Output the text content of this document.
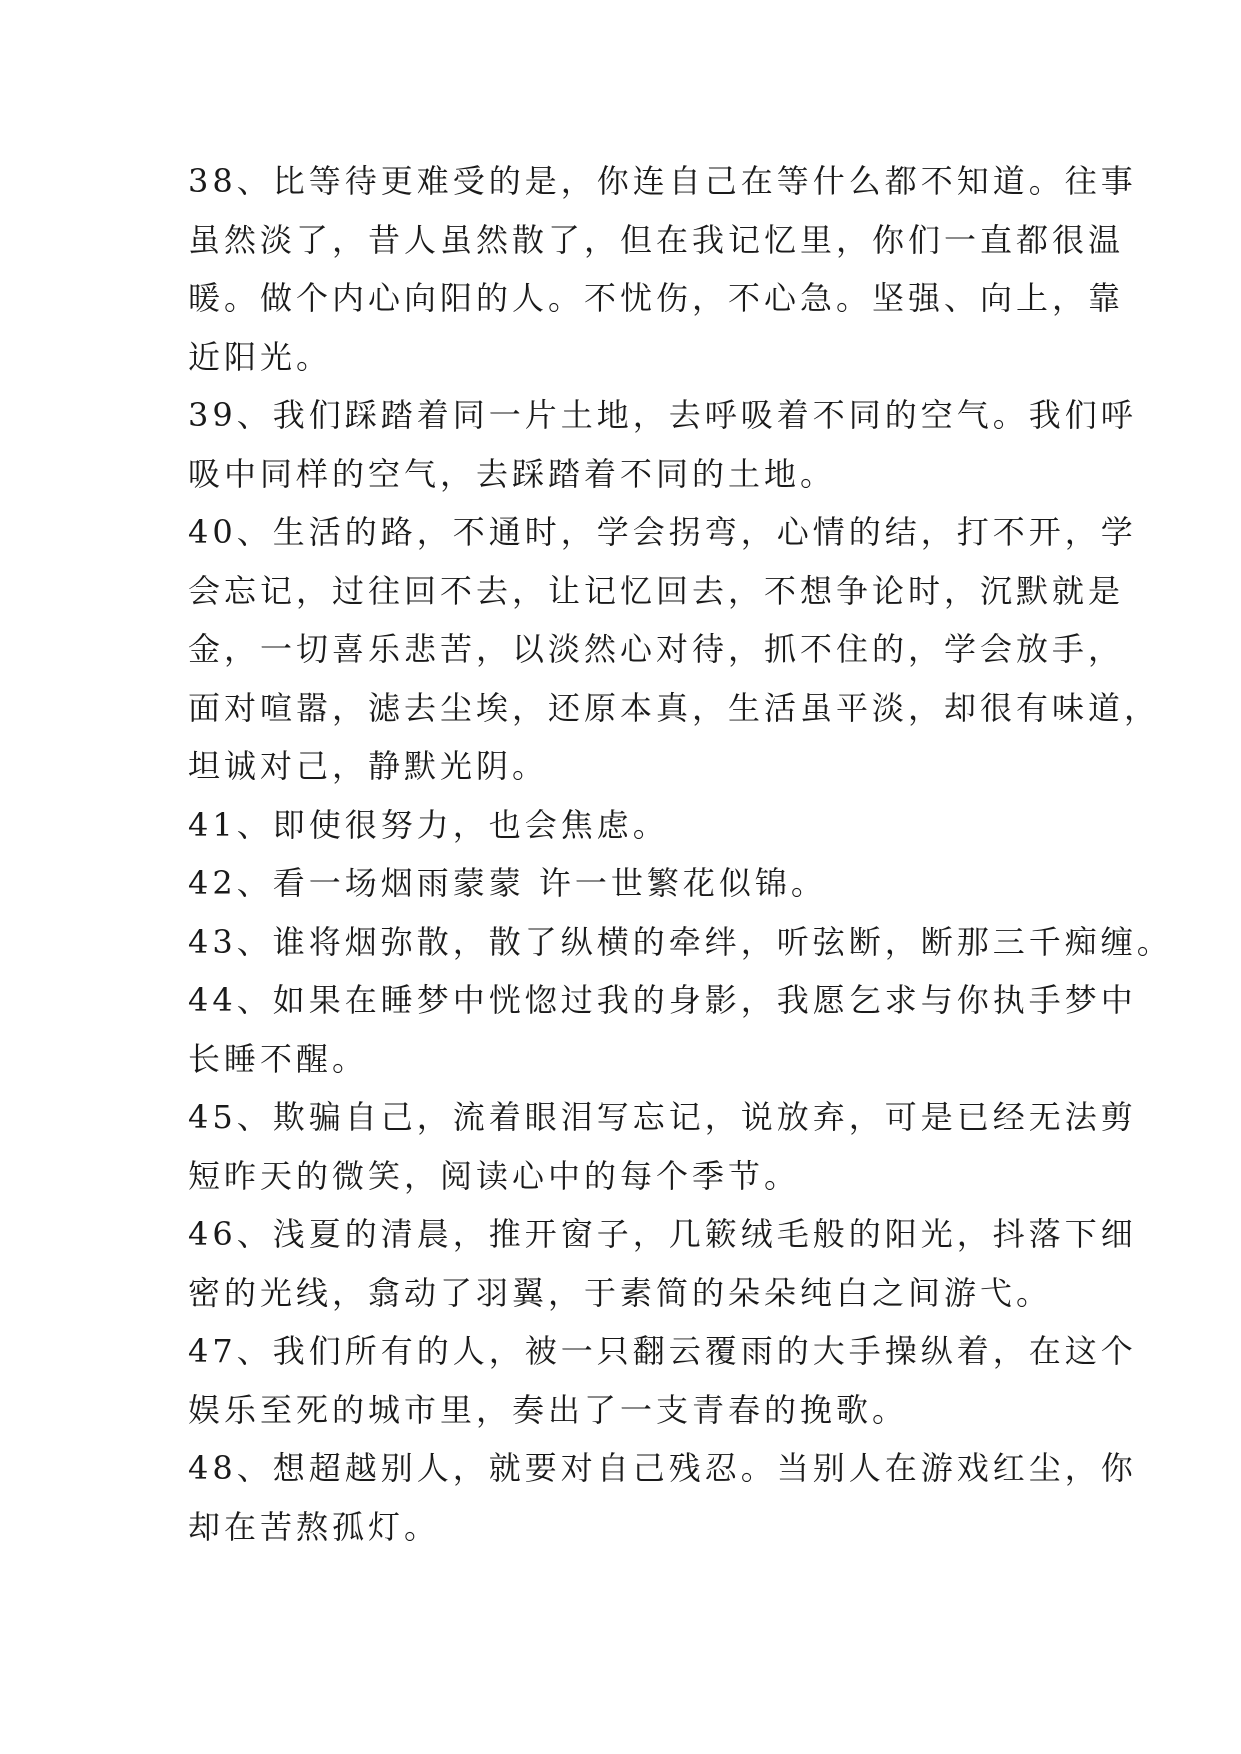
38、比等待更难受的是，你连自己在等什么都不知道。往事
虽然淡了，昔人虽然散了，但在我记忆里，你们一直都很温
暖。做个内心向阳的人。不忧伤，不心急。坚强、向上，靠
近阳光。

39、我们踩踏着同一片土地，去呼吸着不同的空气。我们呼
吸中同样的空气，去踩踏着不同的土地。

40、生活的路，不通时，学会拐弯，心情的结，打不开，学
会忘记，过往回不去，让记忆回去，不想争论时，沉默就是
金，一切喜乐悲苦，以淡然心对待，抓不住的，学会放手，
面对喧嚣，滤去尘埃，还原本真，生活虽平淡，却很有味道，
坦诚对己，静默光阴。

41、即使很努力，也会焦虑。

42、看一场烟雨蒙蒙 许一世繁花似锦。

43、谁将烟弥散，散了纵横的牵绊，听弦断，断那三千痴缠。

44、如果在睡梦中恍惚过我的身影，我愿乞求与你执手梦中
长睡不醒。

45、欺骗自己，流着眼泪写忘记，说放弃，可是已经无法剪
短昨天的微笑，阅读心中的每个季节。

46、浅夏的清晨，推开窗子，几簌绒毛般的阳光，抖落下细
密的光线，翕动了羽翼，于素简的朵朵纯白之间游弋。

47、我们所有的人，被一只翻云覆雨的大手操纵着，在这个
娱乐至死的城市里，奏出了一支青春的挽歌。

48、想超越别人，就要对自己残忍。当别人在游戏红尘，你
却在苦熬孤灯。
